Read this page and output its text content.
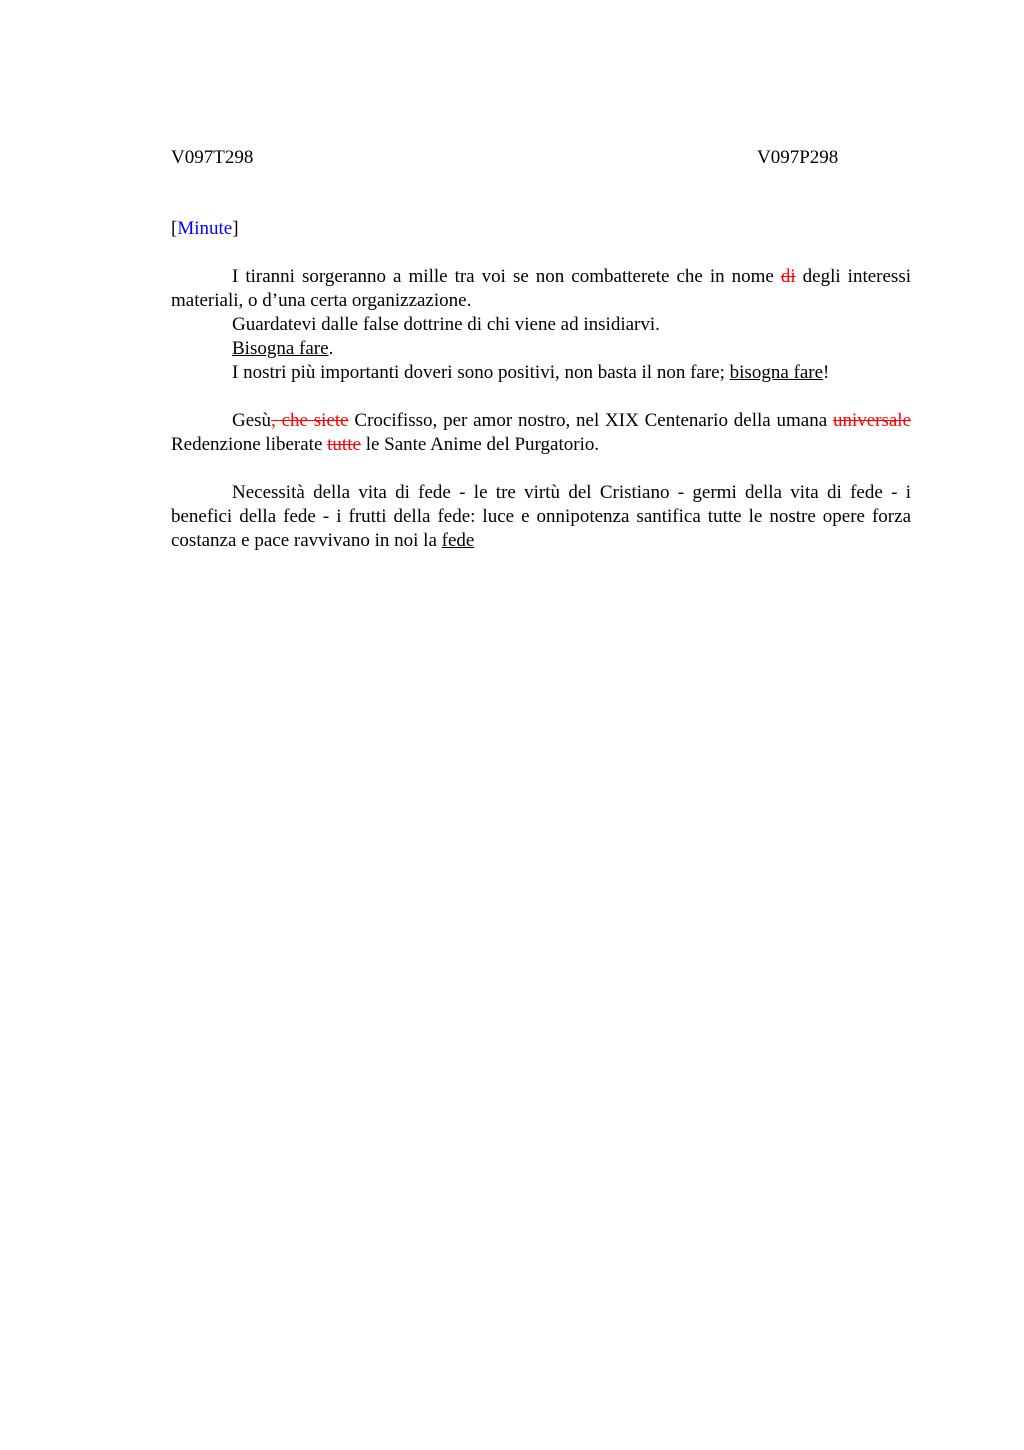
V097T298	V097P298
[Minute]

I tiranni sorgeranno a mille tra voi se non combatterete che in nome di degli interessi materiali, o d’una certa organizzazione.

Guardatevi dalle false dottrine di chi viene ad insidiarvi.

Bisogna fare.

I nostri più importanti doveri sono positivi, non basta il non fare; bisogna fare!

Gesù, che siete Crocifisso, per amor nostro, nel XIX Centenario della umana universale Redenzione liberate tutte le Sante Anime del Purgatorio.

Necessità della vita di fede - le tre virtù del Cristiano - germi della vita di fede - i benefici della fede - i frutti della fede: luce e onnipotenza santifica tutte le nostre opere forza costanza e pace ravvivano in noi la fede
